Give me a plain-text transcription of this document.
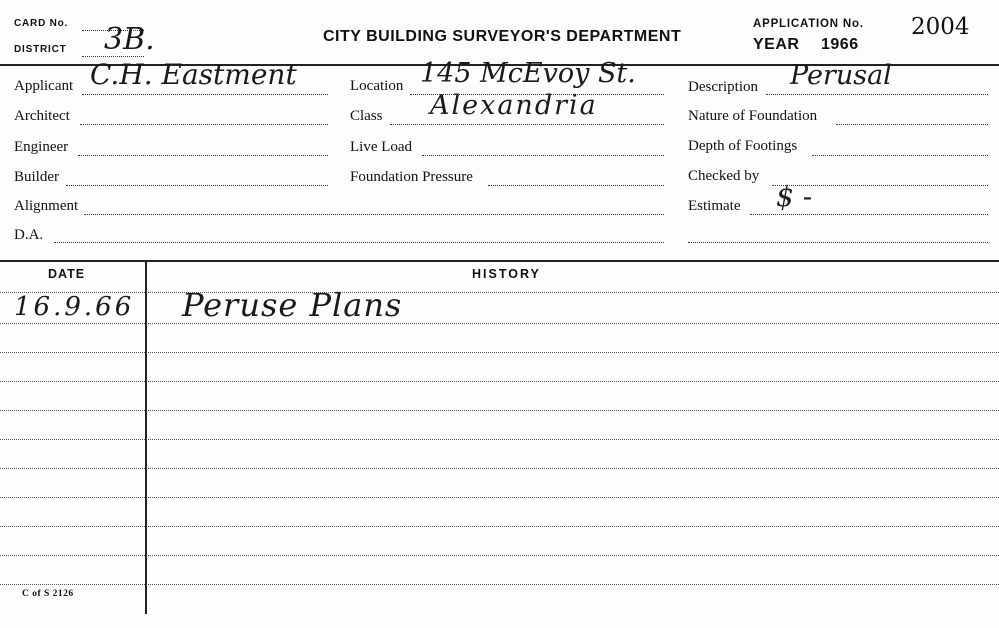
CARD No.
DISTRICT 3B.	CITY BUILDING SURVEYOR'S DEPARTMENT
APPLICATION No. 2004
YEAR 1966
Applicant C.H. Eastment
Architect
Engineer
Builder
Alignment
D.A.
Location 145 McEvoy St.
Class Alexandria
Live Load
Foundation Pressure
Description Perusal
Nature of Foundation
Depth of Footings
Checked by
Estimate $ -
DATE	HISTORY
16.9.66 Peruse Plans
C of S 2126
